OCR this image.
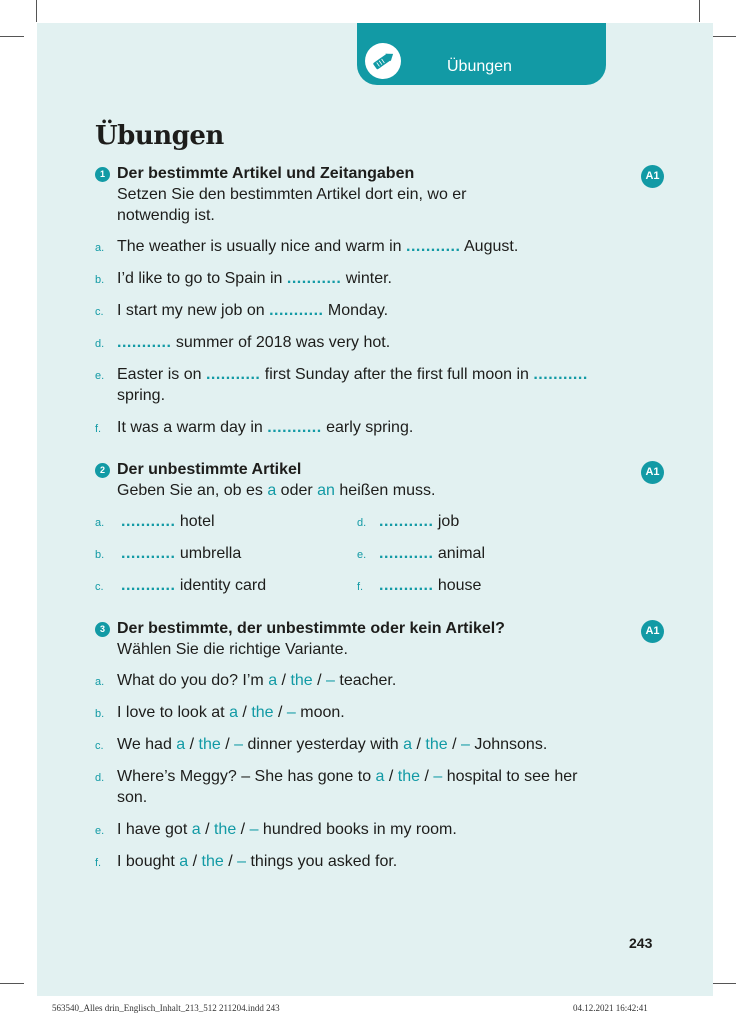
Übungen
Übungen
1 Der bestimmte Artikel und Zeitangaben
Setzen Sie den bestimmten Artikel dort ein, wo er notwendig ist.
A1
a. The weather is usually nice and warm in ........... August.
b. I’d like to go to Spain in ........... winter.
c. I start my new job on ........... Monday.
d. ........... summer of 2018 was very hot.
e. Easter is on ........... first Sunday after the first full moon in ........... spring.
f. It was a warm day in ........... early spring.
2 Der unbestimmte Artikel
Geben Sie an, ob es a oder an heißen muss.
A1
a. ........... hotel
b. ........... umbrella
c. ........... identity card
d. ........... job
e. ........... animal
f. ........... house
3 Der bestimmte, der unbestimmte oder kein Artikel?
Wählen Sie die richtige Variante.
A1
a. What do you do? I’m a / the / – teacher.
b. I love to look at a / the / – moon.
c. We had a / the / – dinner yesterday with a / the / – Johnsons.
d. Where’s Meggy? – She has gone to a / the / – hospital to see her son.
e. I have got a / the / – hundred books in my room.
f. I bought a / the / – things you asked for.
243
563540_Alles drin_Englisch_Inhalt_213_512 211204.indd 243	04.12.2021 16:42:41
